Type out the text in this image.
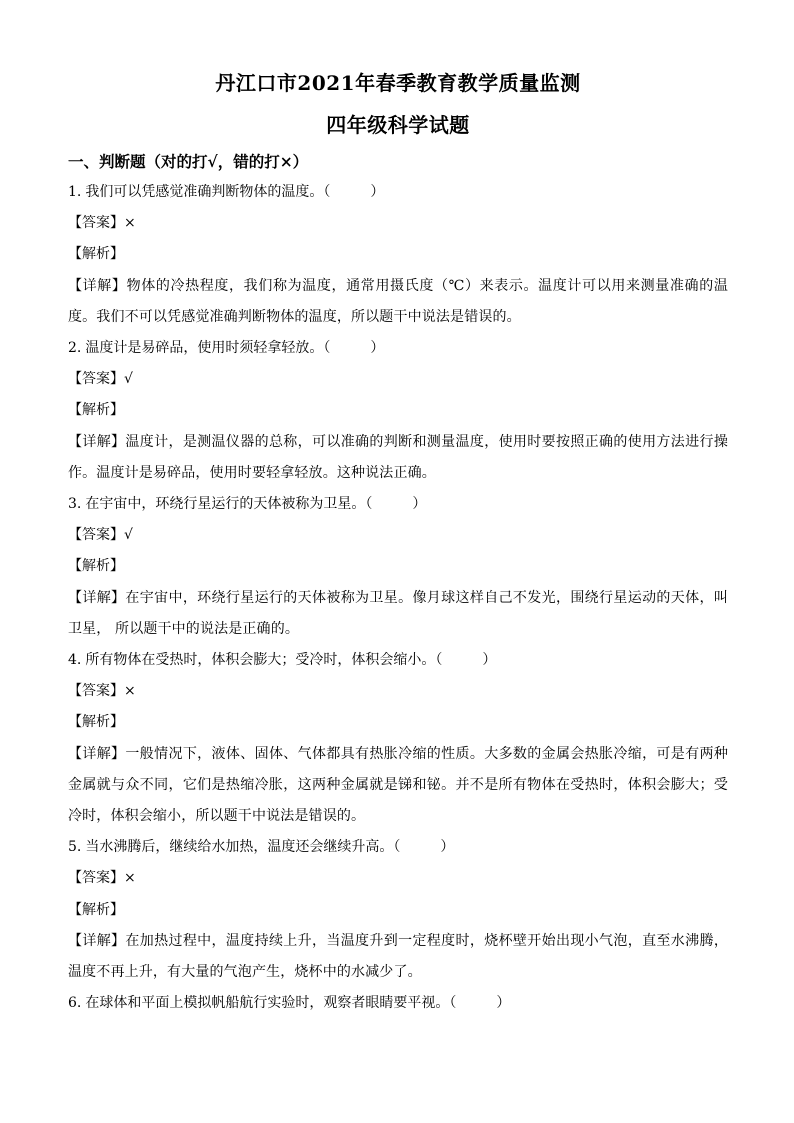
丹江口市2021年春季教育教学质量监测
四年级科学试题
一、判断题（对的打√，错的打×）
1. 我们可以凭感觉准确判断物体的温度。（	）
【答案】×
【解析】
【详解】物体的冷热程度，我们称为温度，通常用摄氏度（℃）来表示。温度计可以用来测量准确的温度。我们不可以凭感觉准确判断物体的温度，所以题干中说法是错误的。
2. 温度计是易碎品，使用时须轻拿轻放。（	）
【答案】√
【解析】
【详解】温度计，是测温仪器的总称，可以准确的判断和测量温度，使用时要按照正确的使用方法进行操作。温度计是易碎品，使用时要轻拿轻放。这种说法正确。
3. 在宇宙中，环绕行星运行的天体被称为卫星。（	）
【答案】√
【解析】
【详解】在宇宙中，环绕行星运行的天体被称为卫星。像月球这样自己不发光，围绕行星运动的天体，叫卫星， 所以题干中的说法是正确的。
4. 所有物体在受热时，体积会膨大；受冷时，体积会缩小。（	）
【答案】×
【解析】
【详解】一般情况下，液体、固体、气体都具有热胀冷缩的性质。大多数的金属会热胀冷缩，可是有两种金属就与众不同，它们是热缩冷胀，这两种金属就是锑和铋。并不是所有物体在受热时，体积会膨大；受冷时，体积会缩小，所以题干中说法是错误的。
5. 当水沸腾后，继续给水加热，温度还会继续升高。（	）
【答案】×
【解析】
【详解】在加热过程中，温度持续上升，当温度升到一定程度时，烧杯壁开始出现小气泡，直至水沸腾，温度不再上升，有大量的气泡产生，烧杯中的水减少了。
6. 在球体和平面上模拟帆船航行实验时，观察者眼睛要平视。（	）
